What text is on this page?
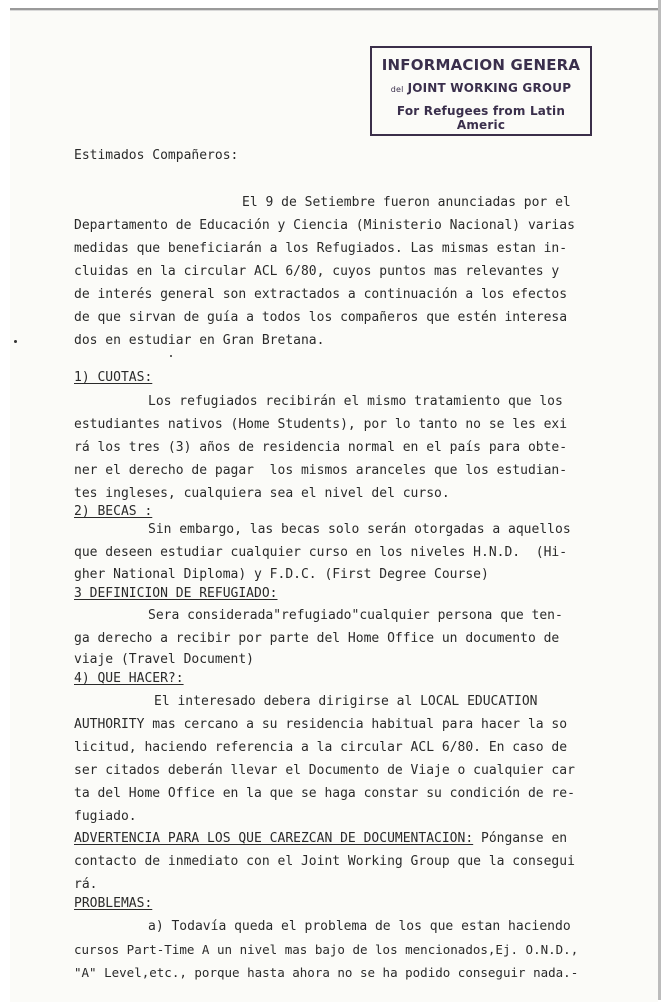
INFORMACION GENERA
del JOINT WORKING GROUP
For Refugees from Latin Americ
Estimados Compañeros:
El 9 de Setiembre fueron anunciadas por el
Departamento de Educación y Ciencia (Ministerio Nacional) varias
medidas que beneficiarán a los Refugiados. Las mismas estan in-
cluidas en la circular ACL 6/80, cuyos puntos mas relevantes y
de interés general son extractados a continuación a los efectos
de que sirvan de guía a todos los compañeros que estén interesa
dos en estudiar en Gran Bretana.
1) CUOTAS:
Los refugiados recibirán el mismo tratamiento que los
estudiantes nativos (Home Students), por lo tanto no se les exi
rá los tres (3) años de residencia normal en el país para obte-
ner el derecho de pagar  los mismos aranceles que los estudian-
tes ingleses, cualquiera sea el nivel del curso.
2) BECAS :
Sin embargo, las becas solo serán otorgadas a aquellos
que deseen estudiar cualquier curso en los niveles H.N.D.  (Hi-
gher National Diploma) y F.D.C. (First Degree Course)
3 DEFINICION DE REFUGIADO:
Sera considerada"refugiado"cualquier persona que ten-
ga derecho a recibir por parte del Home Office un documento de
viaje (Travel Document)
4) QUE HACER?:
El interesado debera dirigirse al LOCAL EDUCATION
AUTHORITY mas cercano a su residencia habitual para hacer la so
licitud, haciendo referencia a la circular ACL 6/80. En caso de
ser citados deberán llevar el Documento de Viaje o cualquier car
ta del Home Office en la que se haga constar su condición de re-
fugiado.
ADVERTENCIA PARA LOS QUE CAREZCAN DE DOCUMENTACION: Pónganse en
contacto de inmediato con el Joint Working Group que la consegui
rá.
PROBLEMAS:
a) Todavía queda el problema de los que estan haciendo
cursos Part-Time A un nivel mas bajo de los mencionados,Ej. O.N.D.,
"A" Level,etc., porque hasta ahora no se ha podido conseguir nada.-
